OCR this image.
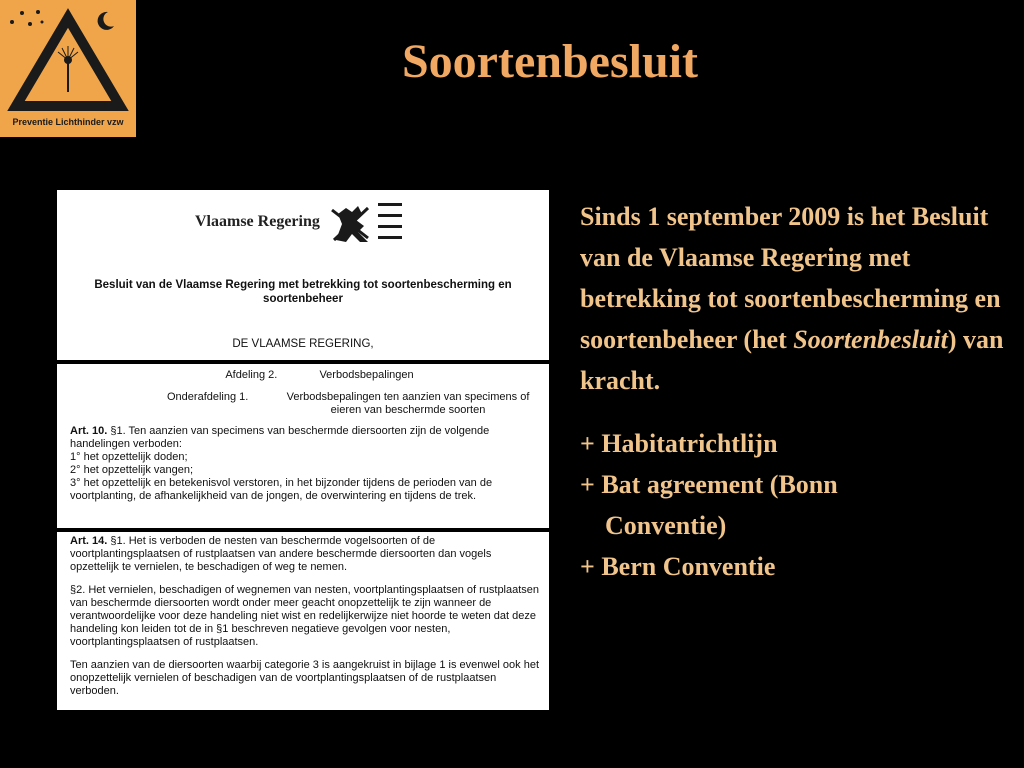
Preventie Lichthinder vzw
Soortenbesluit
Vlaamse Regering
Besluit van de Vlaamse Regering met betrekking tot soortenbescherming en soortenbeheer
DE VLAAMSE REGERING,
Afdeling 2.	Verbodsbepalingen
Onderafdeling 1.	Verbodsbepalingen ten aanzien van specimens of eieren van beschermde soorten
Art. 10. §1. Ten aanzien van specimens van beschermde diersoorten zijn de volgende
handelingen verboden:
1° het opzettelijk doden;
2° het opzettelijk vangen;
3° het opzettelijk en betekenisvol verstoren, in het bijzonder tijdens de perioden van de
voortplanting, de afhankelijkheid van de jongen, de overwintering en tijdens de trek.
Art. 14. §1. Het is verboden de nesten van beschermde vogelsoorten of de voortplantingsplaatsen of rustplaatsen van andere beschermde diersoorten dan vogels opzettelijk te vernielen, te beschadigen of weg te nemen.
§2. Het vernielen, beschadigen of wegnemen van nesten, voortplantingsplaatsen of rustplaatsen van beschermde diersoorten wordt onder meer geacht onopzettelijk te zijn wanneer de verantwoordelijke voor deze handeling niet wist en redelijkerwijze niet hoorde te weten dat deze handeling kon leiden tot de in §1 beschreven negatieve gevolgen voor nesten, voortplantingsplaatsen of rustplaatsen.
Ten aanzien van de diersoorten waarbij categorie 3 is aangekruist in bijlage 1 is evenwel ook het onopzettelijk vernielen of beschadigen van de voortplantingsplaatsen of de rustplaatsen verboden.

Sinds 1 september 2009 is het Besluit van de Vlaamse Regering met betrekking tot soortenbescherming en soortenbeheer (het Soortenbesluit) van kracht.

+ Habitatrichtlijn

+ Bat agreement (Bonn
Conventie)

+ Bern Conventie
